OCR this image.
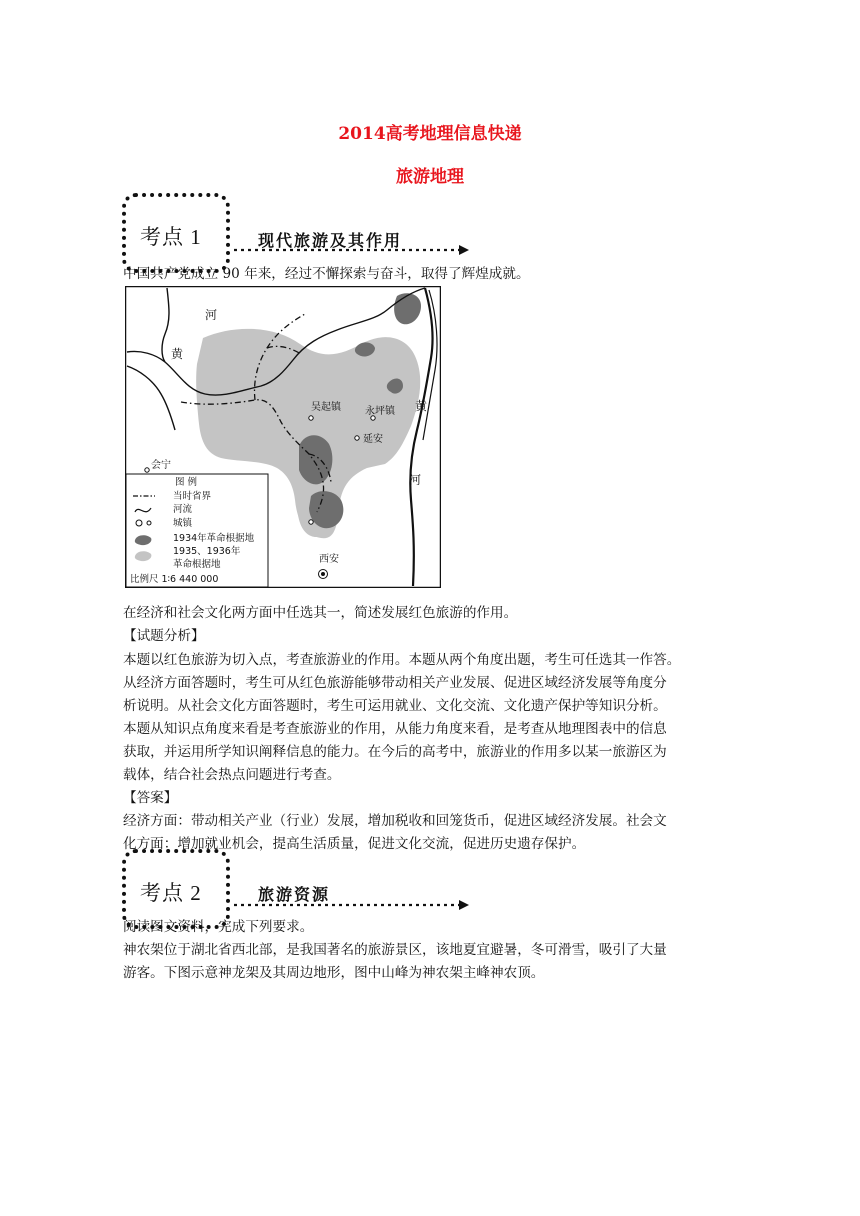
2014高考地理信息快递
旅游地理
考点 1	现代旅游及其作用
中国共产党成立 90 年来，经过不懈探索与奋斗，取得了辉煌成就。
河
黄
黄
河
吴起镇 永坪镇
延安
会宁
西安
图 例
当时省界
河流
城镇
1934年革命根据地
1935、1936年
革命根据地
比例尺 1∶6 440 000
在经济和社会文化两方面中任选其一，简述发展红色旅游的作用。
【试题分析】
本题以红色旅游为切入点，考查旅游业的作用。本题从两个角度出题，考生可任选其一作答。
从经济方面答题时，考生可从红色旅游能够带动相关产业发展、促进区域经济发展等角度分
析说明。从社会文化方面答题时，考生可运用就业、文化交流、文化遗产保护等知识分析。
本题从知识点角度来看是考查旅游业的作用，从能力角度来看，是考查从地理图表中的信息
获取，并运用所学知识阐释信息的能力。在今后的高考中，旅游业的作用多以某一旅游区为
载体，结合社会热点问题进行考查。
【答案】
经济方面：带动相关产业（行业）发展，增加税收和回笼货币，促进区域经济发展。社会文
化方面：增加就业机会，提高生活质量，促进文化交流，促进历史遗存保护。
考点 2	旅游资源
阅读图文资料，完成下列要求。
神农架位于湖北省西北部，是我国著名的旅游景区，该地夏宜避暑，冬可滑雪，吸引了大量
游客。下图示意神龙架及其周边地形，图中山峰为神农架主峰神农顶。
